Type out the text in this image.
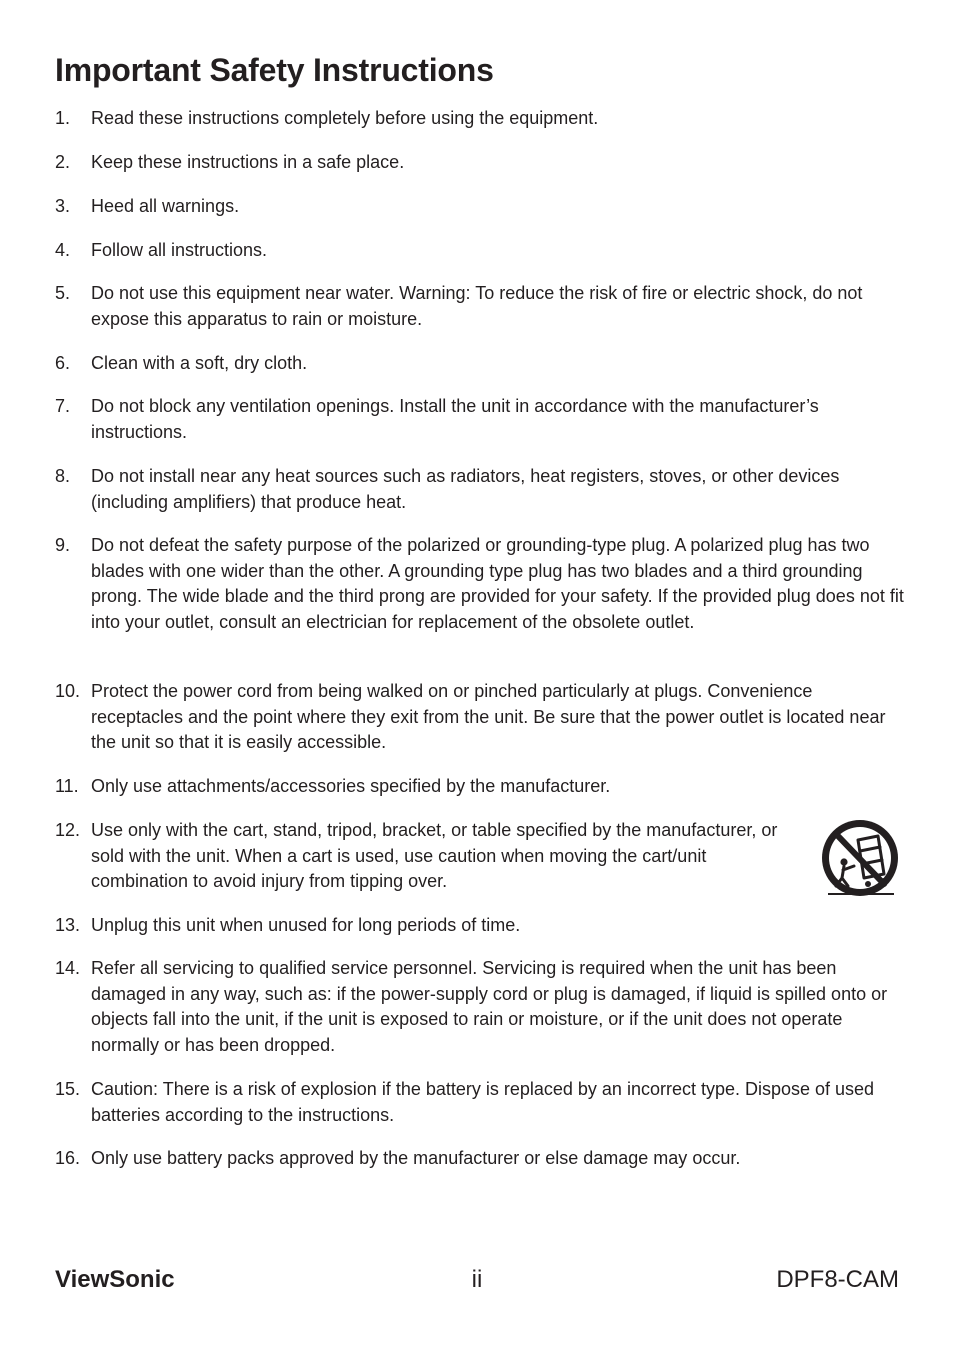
Important Safety Instructions
1. Read these instructions completely before using the equipment.
2. Keep these instructions in a safe place.
3. Heed all warnings.
4. Follow all instructions.
5. Do not use this equipment near water. Warning: To reduce the risk of fire or electric shock, do not expose this apparatus to rain or moisture.
6. Clean with a soft, dry cloth.
7. Do not block any ventilation openings. Install the unit in accordance with the manufacturer’s instructions.
8. Do not install near any heat sources such as radiators, heat registers, stoves, or other devices (including amplifiers) that produce heat.
9. Do not defeat the safety purpose of the polarized or grounding-type plug. A polarized plug has two blades with one wider than the other. A grounding type plug has two blades and a third grounding prong. The wide blade and the third prong are provided for your safety. If the provided plug does not fit into your outlet, consult an electrician for replacement of the obsolete outlet.
10. Protect the power cord from being walked on or pinched particularly at plugs. Convenience receptacles and the point where they exit from the unit. Be sure that the power outlet is located near the unit so that it is easily accessible.
11. Only use attachments/accessories specified by the manufacturer.
12. Use only with the cart, stand, tripod, bracket, or table specified by the manufacturer, or sold with the unit. When a cart is used, use caution when moving the cart/unit combination to avoid injury from tipping over.
13. Unplug this unit when unused for long periods of time.
14. Refer all servicing to qualified service personnel. Servicing is required when the unit has been damaged in any way, such as: if the power-supply cord or plug is damaged, if liquid is spilled onto or objects fall into the unit, if the unit is exposed to rain or moisture, or if the unit does not operate normally or has been dropped.
15. Caution: There is a risk of explosion if the battery is replaced by an incorrect type. Dispose of used batteries according to the instructions.
16. Only use battery packs approved by the manufacturer or else damage may occur.
ViewSonic	ii	DPF8-CAM
